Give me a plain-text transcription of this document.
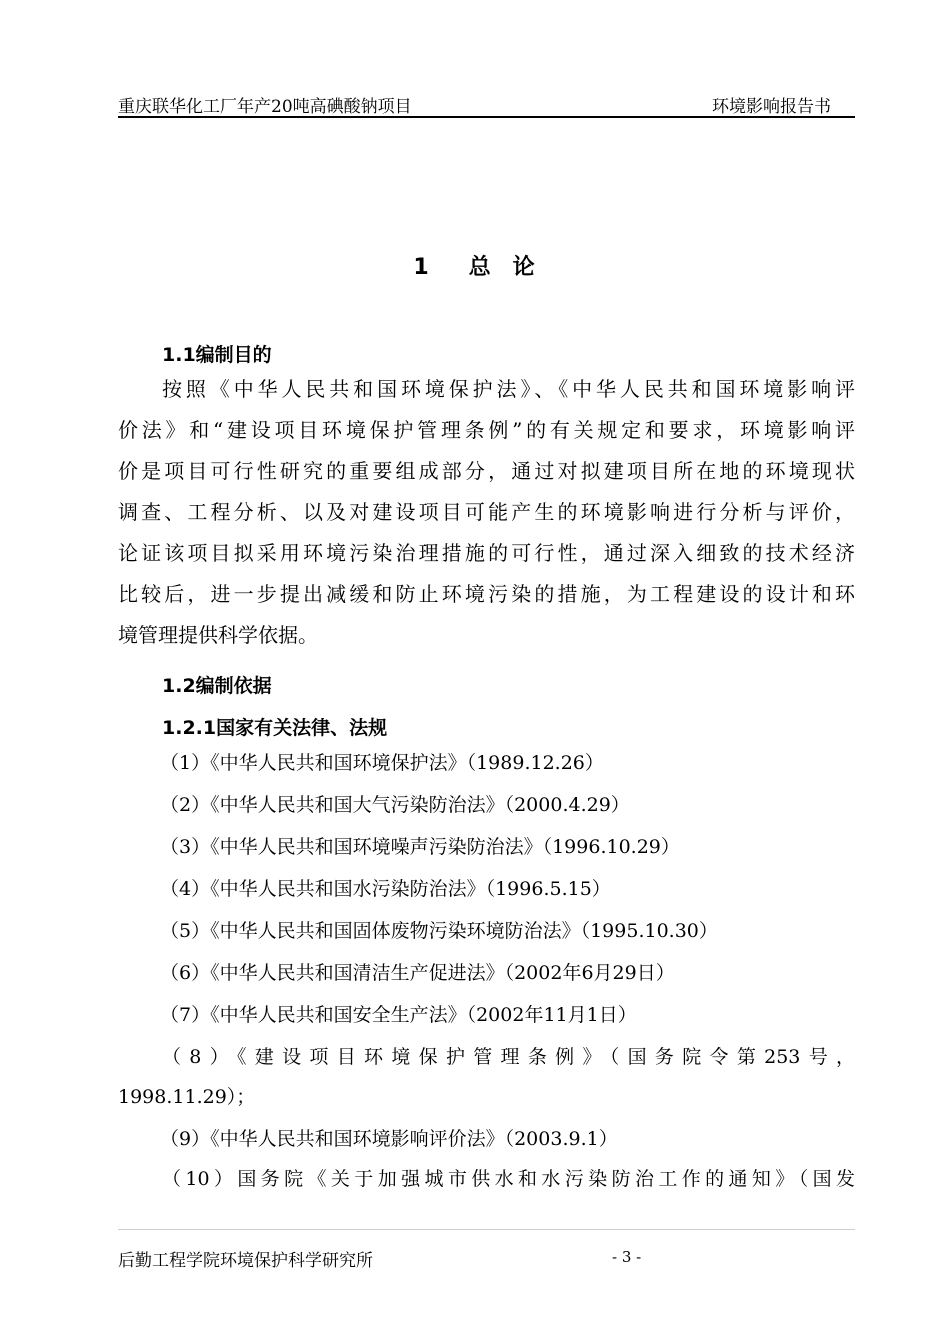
重庆联华化工厂年产20吨高碘酸钠项目	环境影响报告书
1 总 论
1.1编制目的
按照《中华人民共和国环境保护法》、《中华人民共和国环境影响评
价法》和“建设项目环境保护管理条例”的有关规定和要求，环境影响评
价是项目可行性研究的重要组成部分，通过对拟建项目所在地的环境现状
调查、工程分析、以及对建设项目可能产生的环境影响进行分析与评价，
论证该项目拟采用环境污染治理措施的可行性，通过深入细致的技术经济
比较后，进一步提出减缓和防止环境污染的措施，为工程建设的设计和环
境管理提供科学依据。
1.2编制依据
1.2.1国家有关法律、法规
（1）《中华人民共和国环境保护法》（1989.12.26）
（2）《中华人民共和国大气污染防治法》（2000.4.29）
（3）《中华人民共和国环境噪声污染防治法》（1996.10.29）
（4）《中华人民共和国水污染防治法》（1996.5.15）
（5）《中华人民共和国固体废物污染环境防治法》（1995.10.30）
（6）《中华人民共和国清洁生产促进法》（2002年6月29日）
（7）《中华人民共和国安全生产法》（2002年11月1日）
（8）《建设项目环境保护管理条例》（国务院令第253号，
1998.11.29）；
（9）《中华人民共和国环境影响评价法》（2003.9.1）
（10）国务院《关于加强城市供水和水污染防治工作的通知》（国发
后勤工程学院环境保护科学研究所	- 3 -
